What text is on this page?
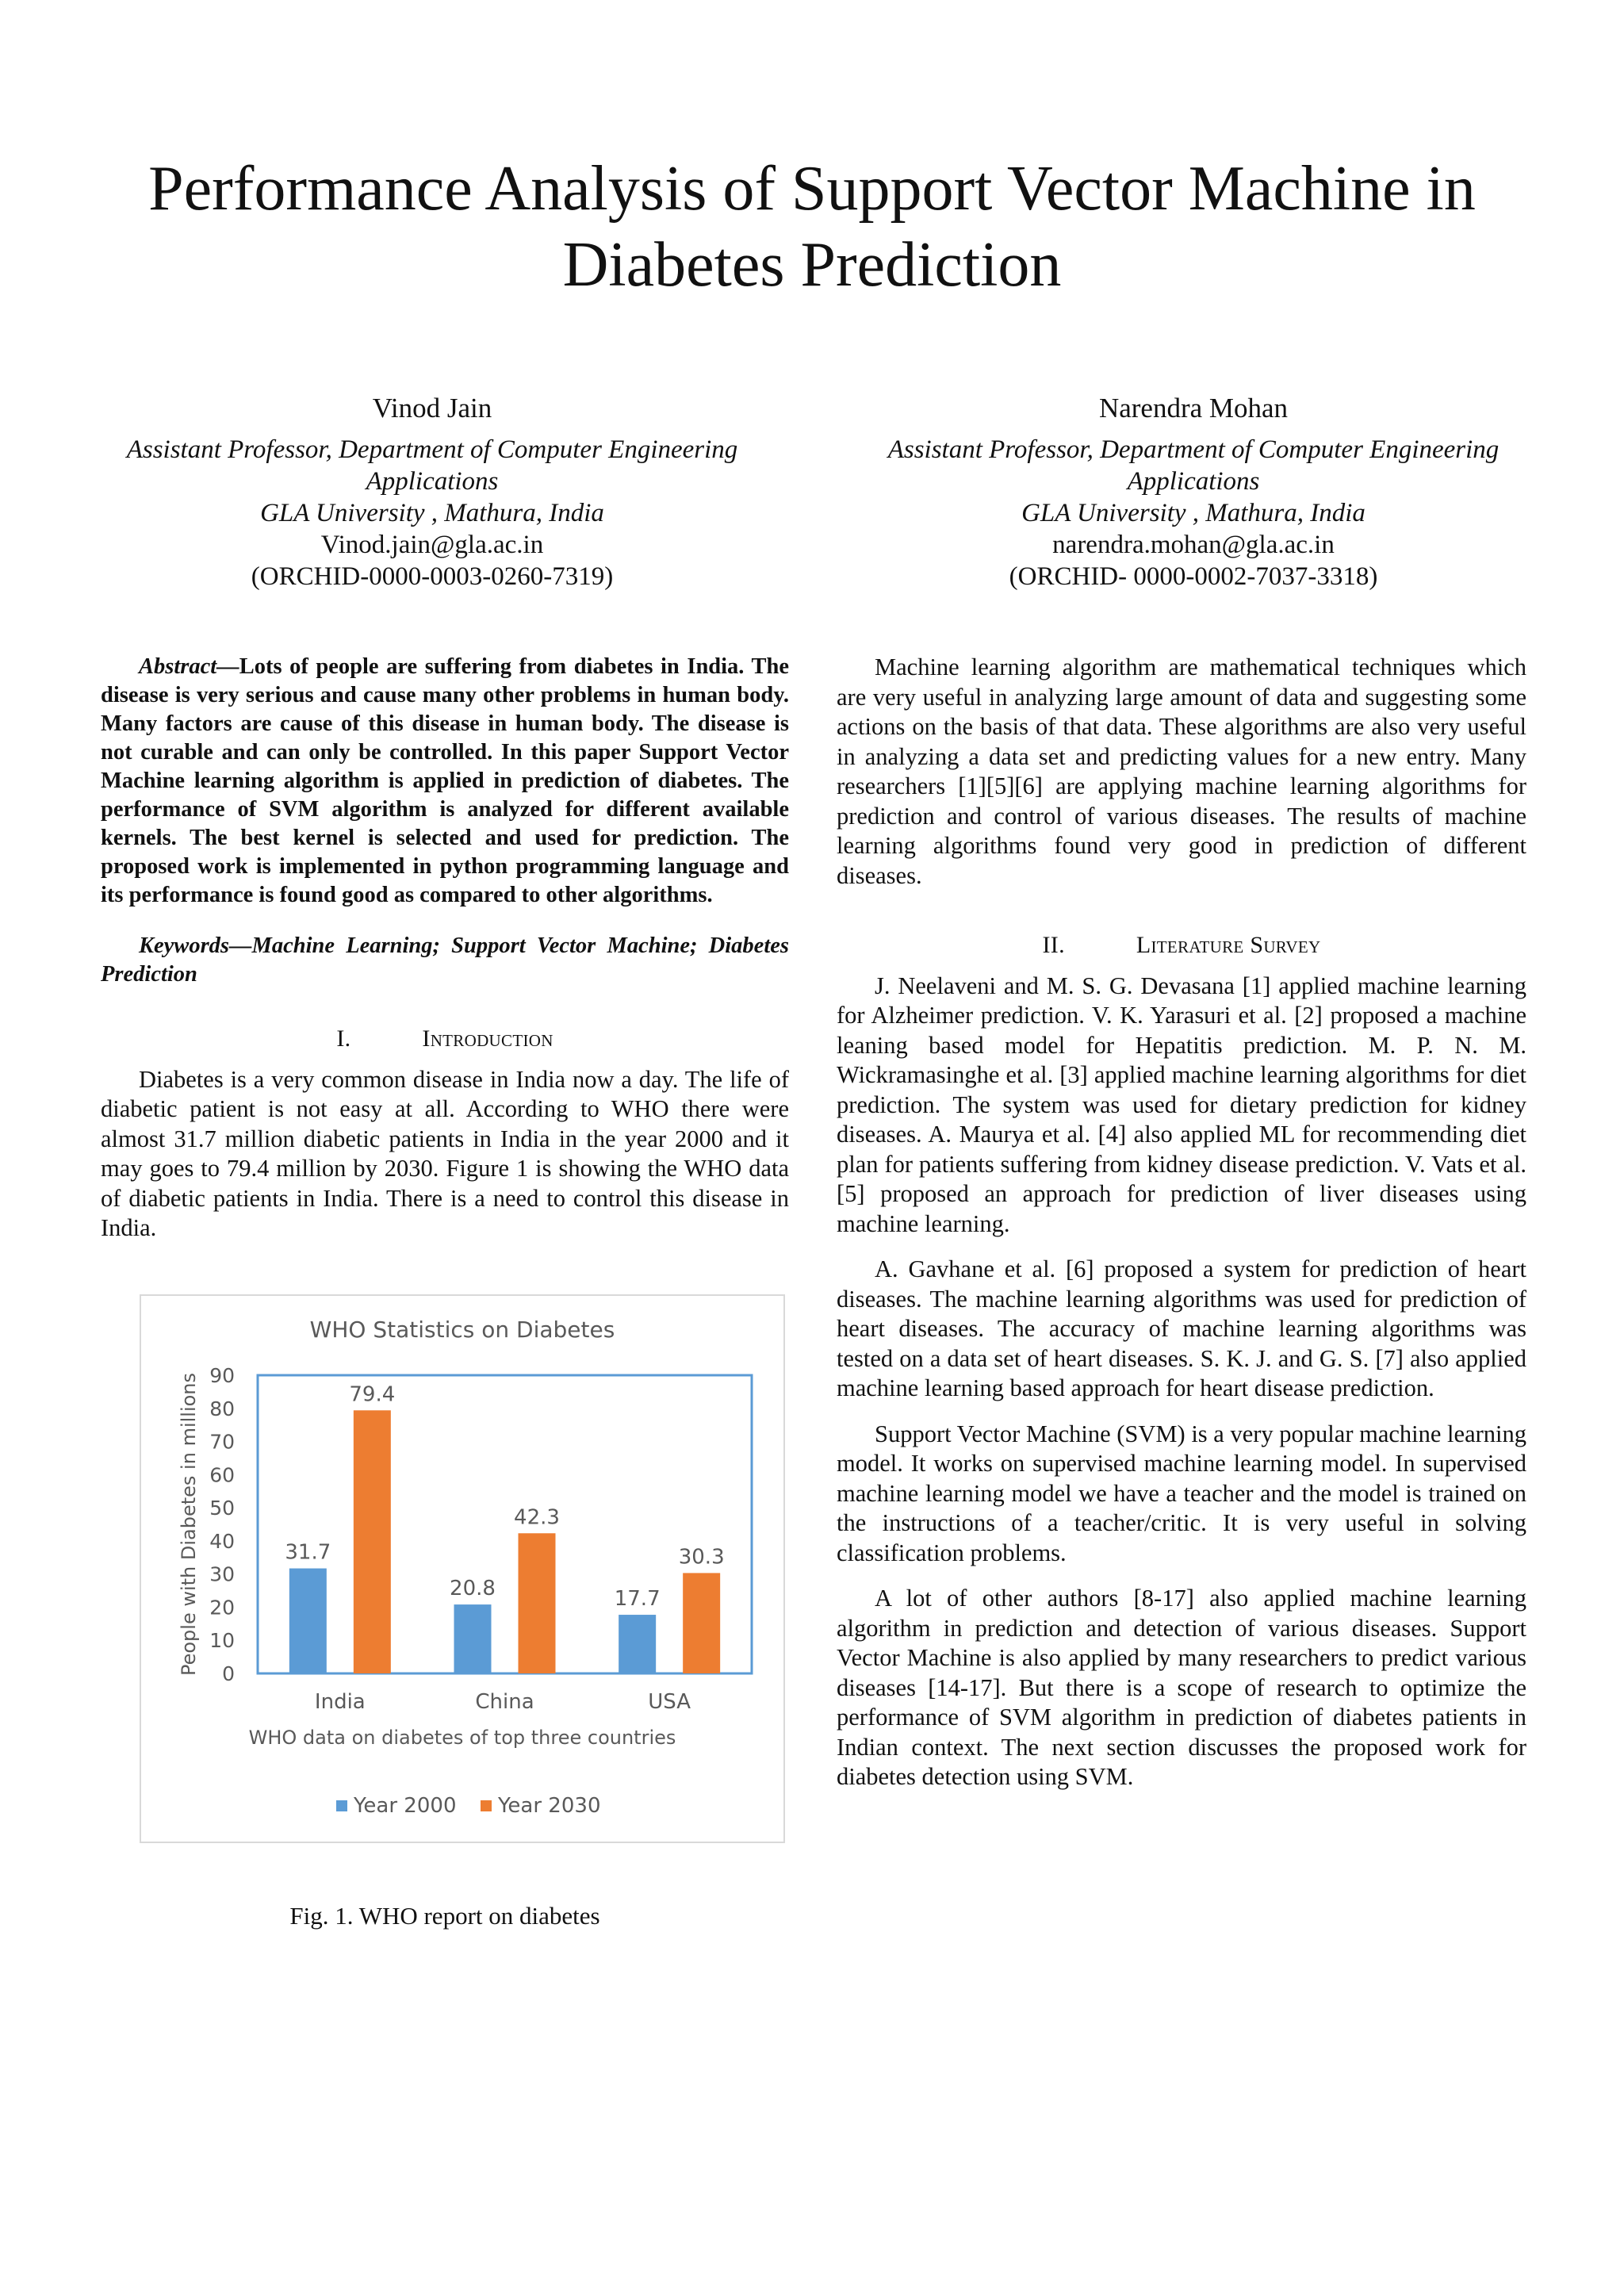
Performance Analysis of Support Vector Machine in
Diabetes Prediction
Vinod Jain
Assistant Professor, Department of Computer Engineering
Applications
GLA University , Mathura, India
Vinod.jain@gla.ac.in
(ORCHID-0000-0003-0260-7319)
Narendra Mohan
Assistant Professor, Department of Computer Engineering
Applications
GLA University , Mathura, India
narendra.mohan@gla.ac.in
(ORCHID- 0000-0002-7037-3318)

Abstract—Lots of people are suffering from diabetes in India. The disease is very serious and cause many other problems in human body. Many factors are cause of this disease in human body. The disease is not curable and can only be controlled. In this paper Support Vector Machine learning algorithm is applied in prediction of diabetes. The performance of SVM algorithm is analyzed for different available kernels. The best kernel is selected and used for prediction. The proposed work is implemented in python programming language and its performance is found good as compared to other algorithms.

Keywords—Machine Learning; Support Vector Machine; Diabetes Prediction

I.	Introduction

Diabetes is a very common disease in India now a day. The life of diabetic patient is not easy at all. According to WHO there were almost 31.7 million diabetic patients in India in the year 2000 and it may goes to 79.4 million by 2030. Figure 1 is showing the WHO data of diabetic patients in India. There is a need to control this disease in India.

WHO Statistics on Diabetes
0
10
20
30
40
50
60
70
80
90
31.7
79.4
India
20.8
42.3
China
17.7
30.3
USA
WHO data on diabetes of top three countries
People with Diabetes in millions
Year 2000 Year 2030
Fig. 1. WHO report on diabetes

Machine learning algorithm are mathematical techniques which are very useful in analyzing large amount of data and suggesting some actions on the basis of that data. These algorithms are also very useful in analyzing a data set and predicting values for a new entry. Many researchers [1][5][6] are applying machine learning algorithms for prediction and control of various diseases. The results of machine learning algorithms found very good in prediction of different diseases.

II.	Literature Survey

J. Neelaveni and M. S. G. Devasana [1] applied machine learning for Alzheimer prediction. V. K. Yarasuri et al. [2] proposed a machine leaning based model for Hepatitis prediction. M. P. N. M. Wickramasinghe et al. [3] applied machine learning algorithms for diet prediction. The system was used for dietary prediction for kidney diseases. A. Maurya et al. [4] also applied ML for recommending diet plan for patients suffering from kidney disease prediction. V. Vats et al. [5] proposed an approach for prediction of liver diseases using machine learning.

A. Gavhane et al. [6] proposed a system for prediction of heart diseases. The machine learning algorithms was used for prediction of heart diseases. The accuracy of machine learning algorithms was tested on a data set of heart diseases. S. K. J. and G. S. [7] also applied machine learning based approach for heart disease prediction.

Support Vector Machine (SVM) is a very popular machine learning model. It works on supervised machine learning model. In supervised machine learning model we have a teacher and the model is trained on the instructions of a teacher/critic. It is very useful in solving classification problems.

A lot of other authors [8-17] also applied machine learning algorithm in prediction and detection of various diseases. Support Vector Machine is also applied by many researchers to predict various diseases [14-17]. But there is a scope of research to optimize the performance of SVM algorithm in prediction of diabetes patients in Indian context. The next section discusses the proposed work for diabetes detection using SVM.
